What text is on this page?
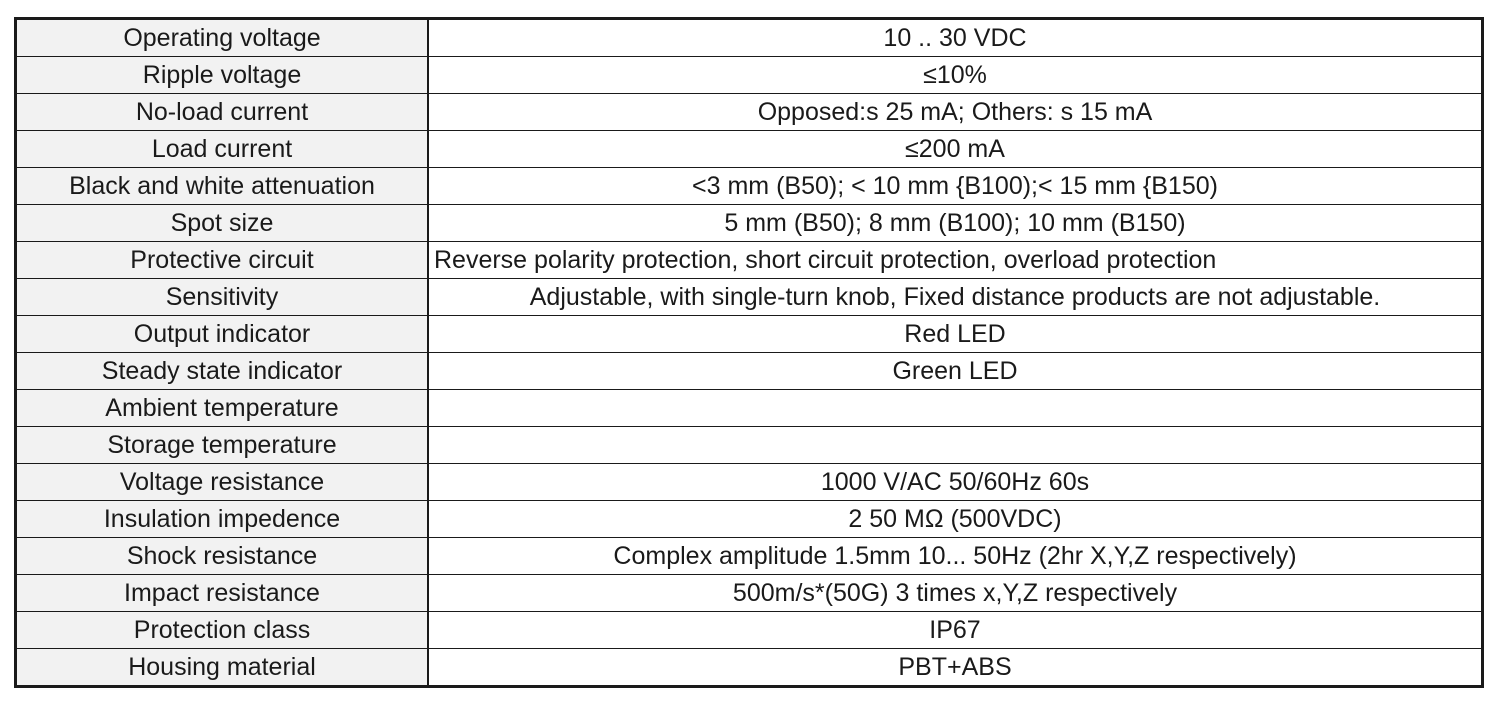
Operating voltage	10 .. 30 VDC
Ripple voltage	≤10%
No-load current	Opposed:s 25 mA; Others: s 15 mA
Load current	≤200 mA
Black and white attenuation	<3 mm (B50); < 10 mm {B100);< 15 mm {B150)
Spot size	5 mm (B50); 8 mm (B100); 10 mm (B150)
Protective circuit	Reverse polarity protection, short circuit protection, overload protection
Sensitivity	Adjustable, with single-turn knob, Fixed distance products are not adjustable.
Output indicator	Red LED
Steady state indicator	Green LED
Ambient temperature	
Storage temperature	
Voltage resistance	1000 V/AC 50/60Hz 60s
Insulation impedence	2 50 MΩ (500VDC)
Shock resistance	Complex amplitude 1.5mm 10... 50Hz (2hr X,Y,Z respectively)
Impact resistance	500m/s*(50G) 3 times x,Y,Z respectively
Protection class	IP67
Housing material	PBT+ABS
